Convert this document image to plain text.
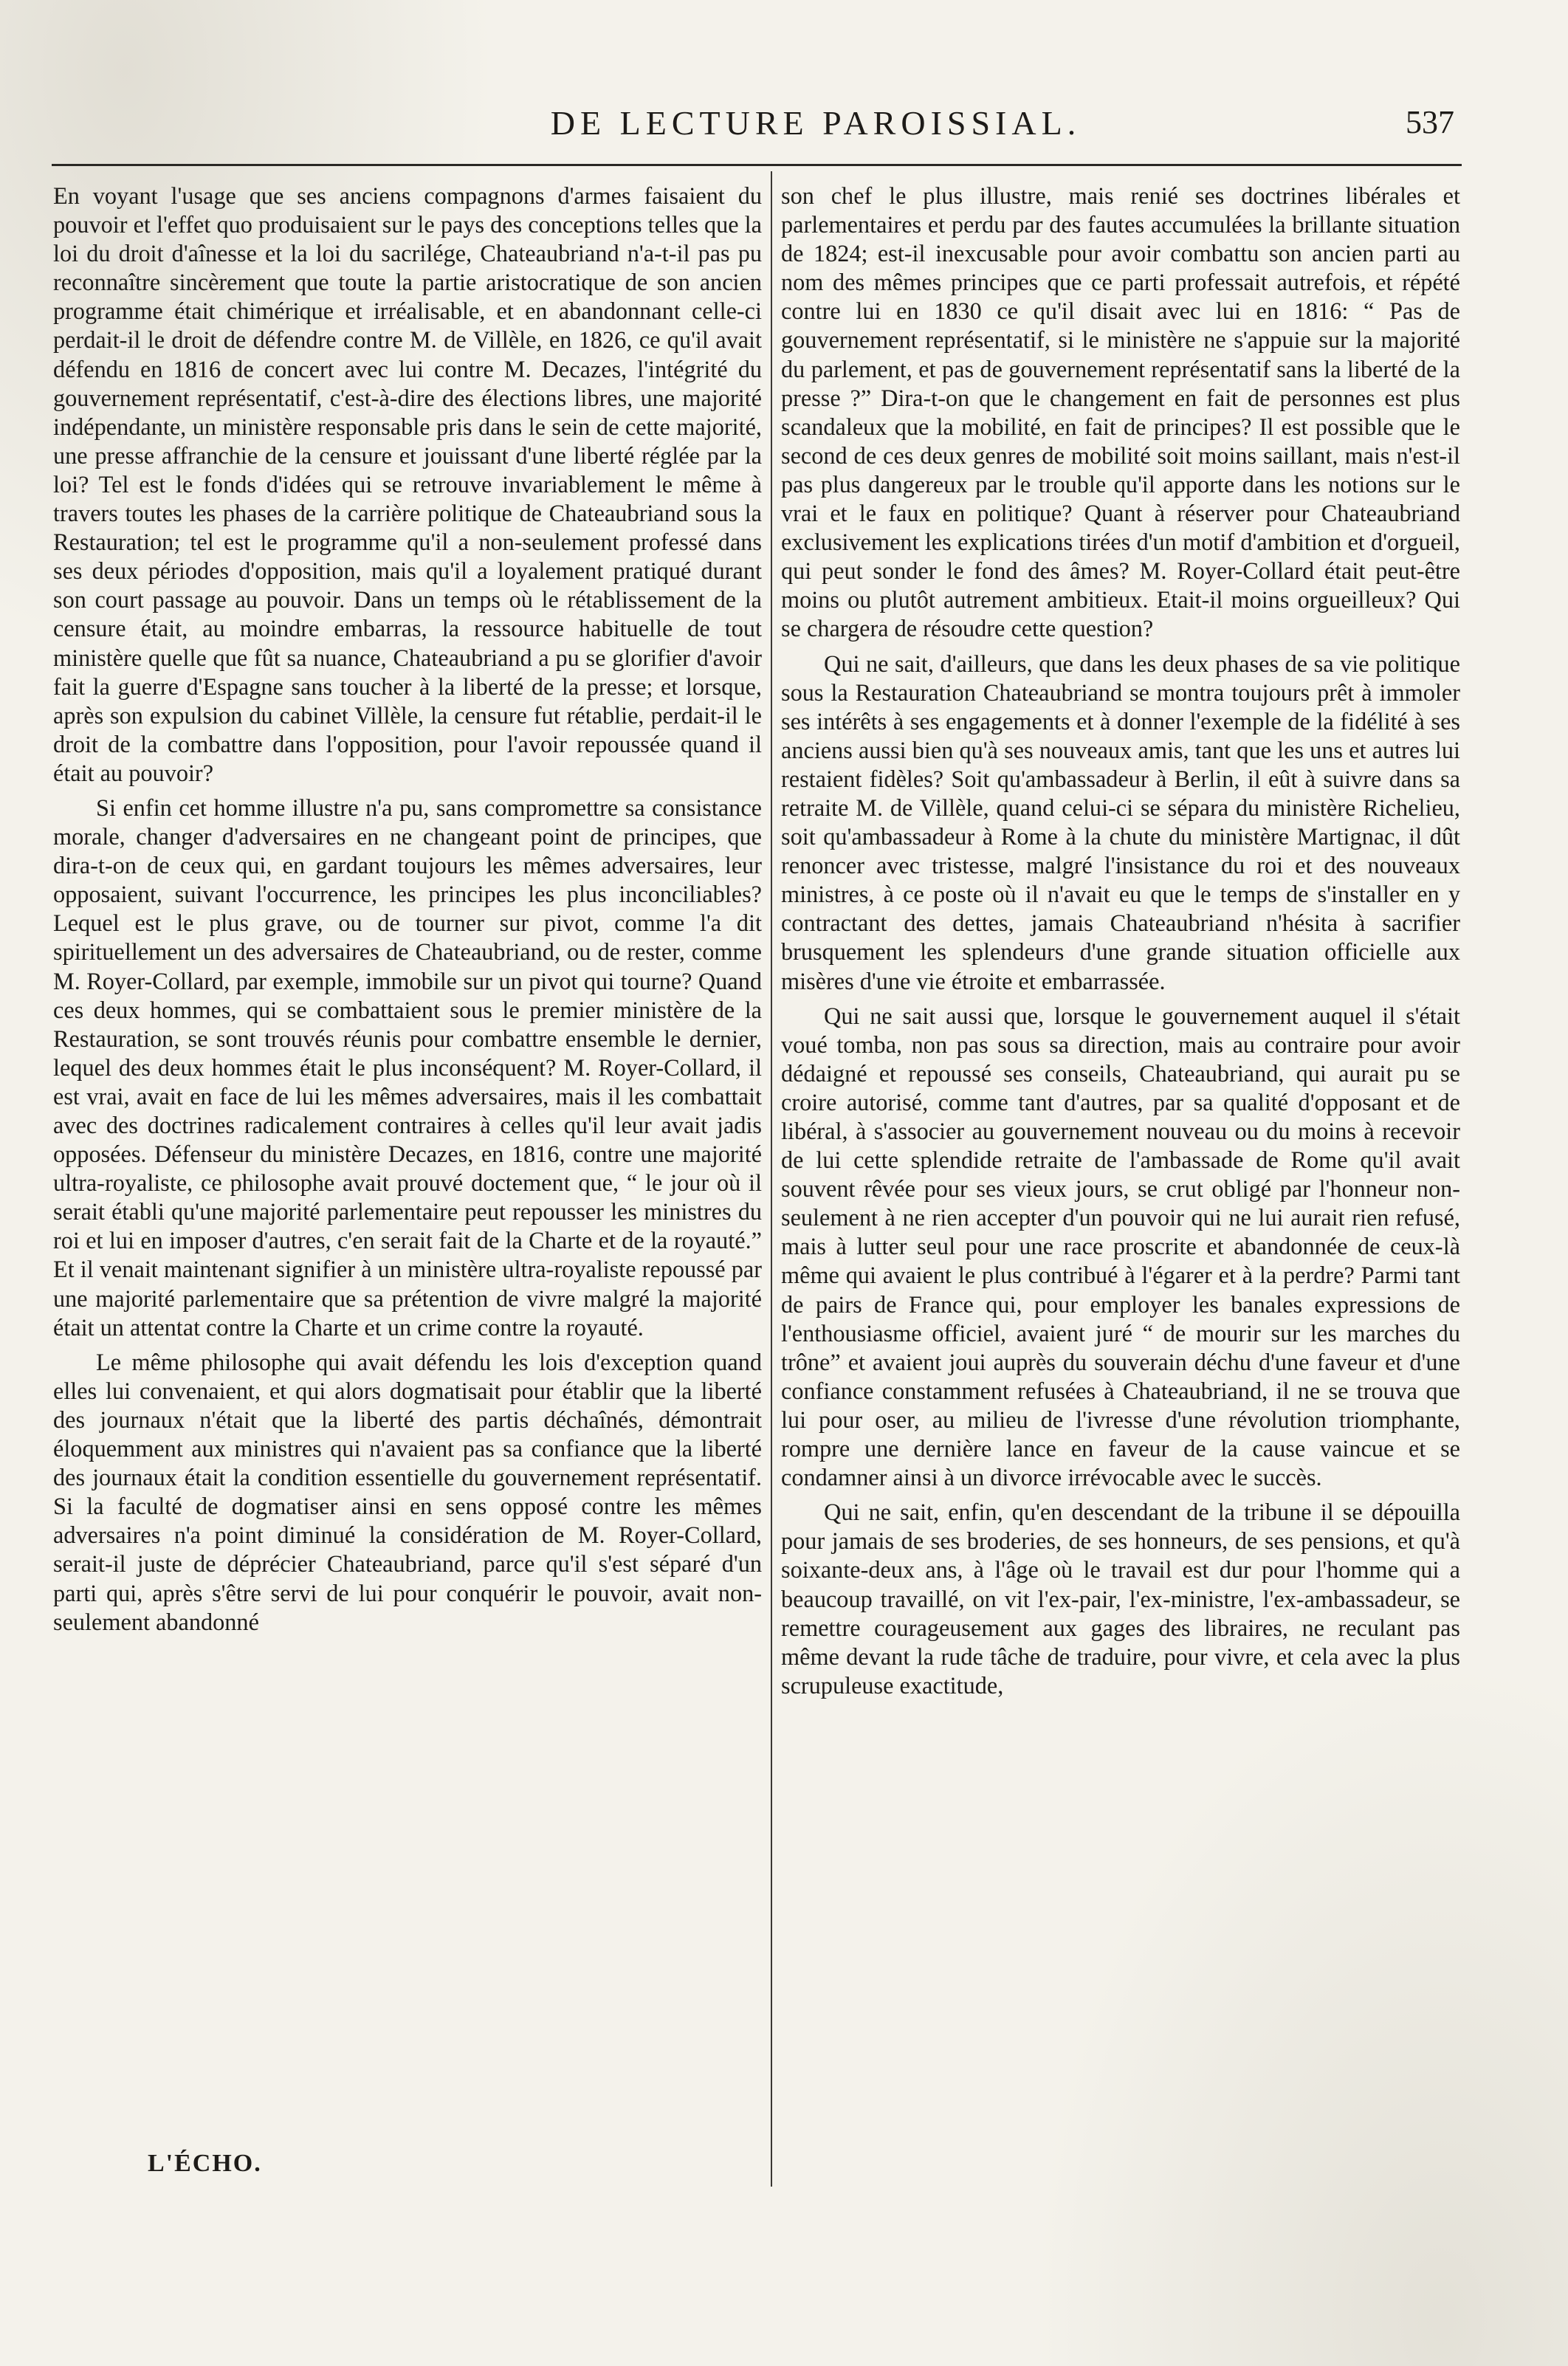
DE LECTURE PAROISSIAL.	537

En voyant l'usage que ses anciens compagnons d'armes faisaient du pouvoir et l'effet quo produisaient sur le pays des conceptions telles que la loi du droit d'aînesse et la loi du sacrilége, Chateaubriand n'a-t-il pas pu reconnaître sincèrement que toute la partie aristocratique de son ancien programme était chimérique et irréalisable, et en abandonnant celle-ci perdait-il le droit de défendre contre M. de Villèle, en 1826, ce qu'il avait défendu en 1816 de concert avec lui contre M. Decazes, l'intégrité du gouvernement représentatif, c'est-à-dire des élections libres, une majorité indépendante, un ministère responsable pris dans le sein de cette majorité, une presse affranchie de la censure et jouissant d'une liberté réglée par la loi? Tel est le fonds d'idées qui se retrouve invariablement le même à travers toutes les phases de la carrière politique de Chateaubriand sous la Restauration; tel est le programme qu'il a non-seulement professé dans ses deux périodes d'opposition, mais qu'il a loyalement pratiqué durant son court passage au pouvoir. Dans un temps où le rétablissement de la censure était, au moindre embarras, la ressource habituelle de tout ministère quelle que fût sa nuance, Chateaubriand a pu se glorifier d'avoir fait la guerre d'Espagne sans toucher à la liberté de la presse; et lorsque, après son expulsion du cabinet Villèle, la censure fut rétablie, perdait-il le droit de la combattre dans l'opposition, pour l'avoir repoussée quand il était au pouvoir?

Si enfin cet homme illustre n'a pu, sans compromettre sa consistance morale, changer d'adversaires en ne changeant point de principes, que dira-t-on de ceux qui, en gardant toujours les mêmes adversaires, leur opposaient, suivant l'occurrence, les principes les plus inconciliables? Lequel est le plus grave, ou de tourner sur pivot, comme l'a dit spirituellement un des adversaires de Chateaubriand, ou de rester, comme M. Royer-Collard, par exemple, immobile sur un pivot qui tourne? Quand ces deux hommes, qui se combattaient sous le premier ministère de la Restauration, se sont trouvés réunis pour combattre ensemble le dernier, lequel des deux hommes était le plus inconséquent? M. Royer-Collard, il est vrai, avait en face de lui les mêmes adversaires, mais il les combattait avec des doctrines radicalement contraires à celles qu'il leur avait jadis opposées. Défenseur du ministère Decazes, en 1816, contre une majorité ultra-royaliste, ce philosophe avait prouvé doctement que, “ le jour où il serait établi qu'une majorité parlementaire peut repousser les ministres du roi et lui en imposer d'autres, c'en serait fait de la Charte et de la royauté.” Et il venait maintenant signifier à un ministère ultra-royaliste repoussé par une majorité parlementaire que sa prétention de vivre malgré la majorité était un attentat contre la Charte et un crime contre la royauté.

Le même philosophe qui avait défendu les lois d'exception quand elles lui convenaient, et qui alors dogmatisait pour établir que la liberté des journaux n'était que la liberté des partis déchaînés, démontrait éloquemment aux ministres qui n'avaient pas sa confiance que la liberté des journaux était la condition essentielle du gouvernement représentatif. Si la faculté de dogmatiser ainsi en sens opposé contre les mêmes adversaires n'a point diminué la considération de M. Royer-Collard, serait-il juste de déprécier Chateaubriand, parce qu'il s'est séparé d'un parti qui, après s'être servi de lui pour conquérir le pouvoir, avait non-seulement abandonné

son chef le plus illustre, mais renié ses doctrines libérales et parlementaires et perdu par des fautes accumulées la brillante situation de 1824; est-il inexcusable pour avoir combattu son ancien parti au nom des mêmes principes que ce parti professait autrefois, et répété contre lui en 1830 ce qu'il disait avec lui en 1816: “ Pas de gouvernement représentatif, si le ministère ne s'appuie sur la majorité du parlement, et pas de gouvernement représentatif sans la liberté de la presse ?” Dira-t-on que le changement en fait de personnes est plus scandaleux que la mobilité, en fait de principes? Il est possible que le second de ces deux genres de mobilité soit moins saillant, mais n'est-il pas plus dangereux par le trouble qu'il apporte dans les notions sur le vrai et le faux en politique? Quant à réserver pour Chateaubriand exclusivement les explications tirées d'un motif d'ambition et d'orgueil, qui peut sonder le fond des âmes? M. Royer-Collard était peut-être moins ou plutôt autrement ambitieux. Etait-il moins orgueilleux? Qui se chargera de résoudre cette question?

Qui ne sait, d'ailleurs, que dans les deux phases de sa vie politique sous la Restauration Chateaubriand se montra toujours prêt à immoler ses intérêts à ses engagements et à donner l'exemple de la fidélité à ses anciens aussi bien qu'à ses nouveaux amis, tant que les uns et autres lui restaient fidèles? Soit qu'ambassadeur à Berlin, il eût à suivre dans sa retraite M. de Villèle, quand celui-ci se sépara du ministère Richelieu, soit qu'ambassadeur à Rome à la chute du ministère Martignac, il dût renoncer avec tristesse, malgré l'insistance du roi et des nouveaux ministres, à ce poste où il n'avait eu que le temps de s'installer en y contractant des dettes, jamais Chateaubriand n'hésita à sacrifier brusquement les splendeurs d'une grande situation officielle aux misères d'une vie étroite et embarrassée.

Qui ne sait aussi que, lorsque le gouvernement auquel il s'était voué tomba, non pas sous sa direction, mais au contraire pour avoir dédaigné et repoussé ses conseils, Chateaubriand, qui aurait pu se croire autorisé, comme tant d'autres, par sa qualité d'opposant et de libéral, à s'associer au gouvernement nouveau ou du moins à recevoir de lui cette splendide retraite de l'ambassade de Rome qu'il avait souvent rêvée pour ses vieux jours, se crut obligé par l'honneur non-seulement à ne rien accepter d'un pouvoir qui ne lui aurait rien refusé, mais à lutter seul pour une race proscrite et abandonnée de ceux-là même qui avaient le plus contribué à l'égarer et à la perdre? Parmi tant de pairs de France qui, pour employer les banales expressions de l'enthousiasme officiel, avaient juré “ de mourir sur les marches du trône” et avaient joui auprès du souverain déchu d'une faveur et d'une confiance constamment refusées à Chateaubriand, il ne se trouva que lui pour oser, au milieu de l'ivresse d'une révolution triomphante, rompre une dernière lance en faveur de la cause vaincue et se condamner ainsi à un divorce irrévocable avec le succès.

Qui ne sait, enfin, qu'en descendant de la tribune il se dépouilla pour jamais de ses broderies, de ses honneurs, de ses pensions, et qu'à soixante-deux ans, à l'âge où le travail est dur pour l'homme qui a beaucoup travaillé, on vit l'ex-pair, l'ex-ministre, l'ex-ambassadeur, se remettre courageusement aux gages des libraires, ne reculant pas même devant la rude tâche de traduire, pour vivre, et cela avec la plus scrupuleuse exactitude,

L'ÉCHO.
